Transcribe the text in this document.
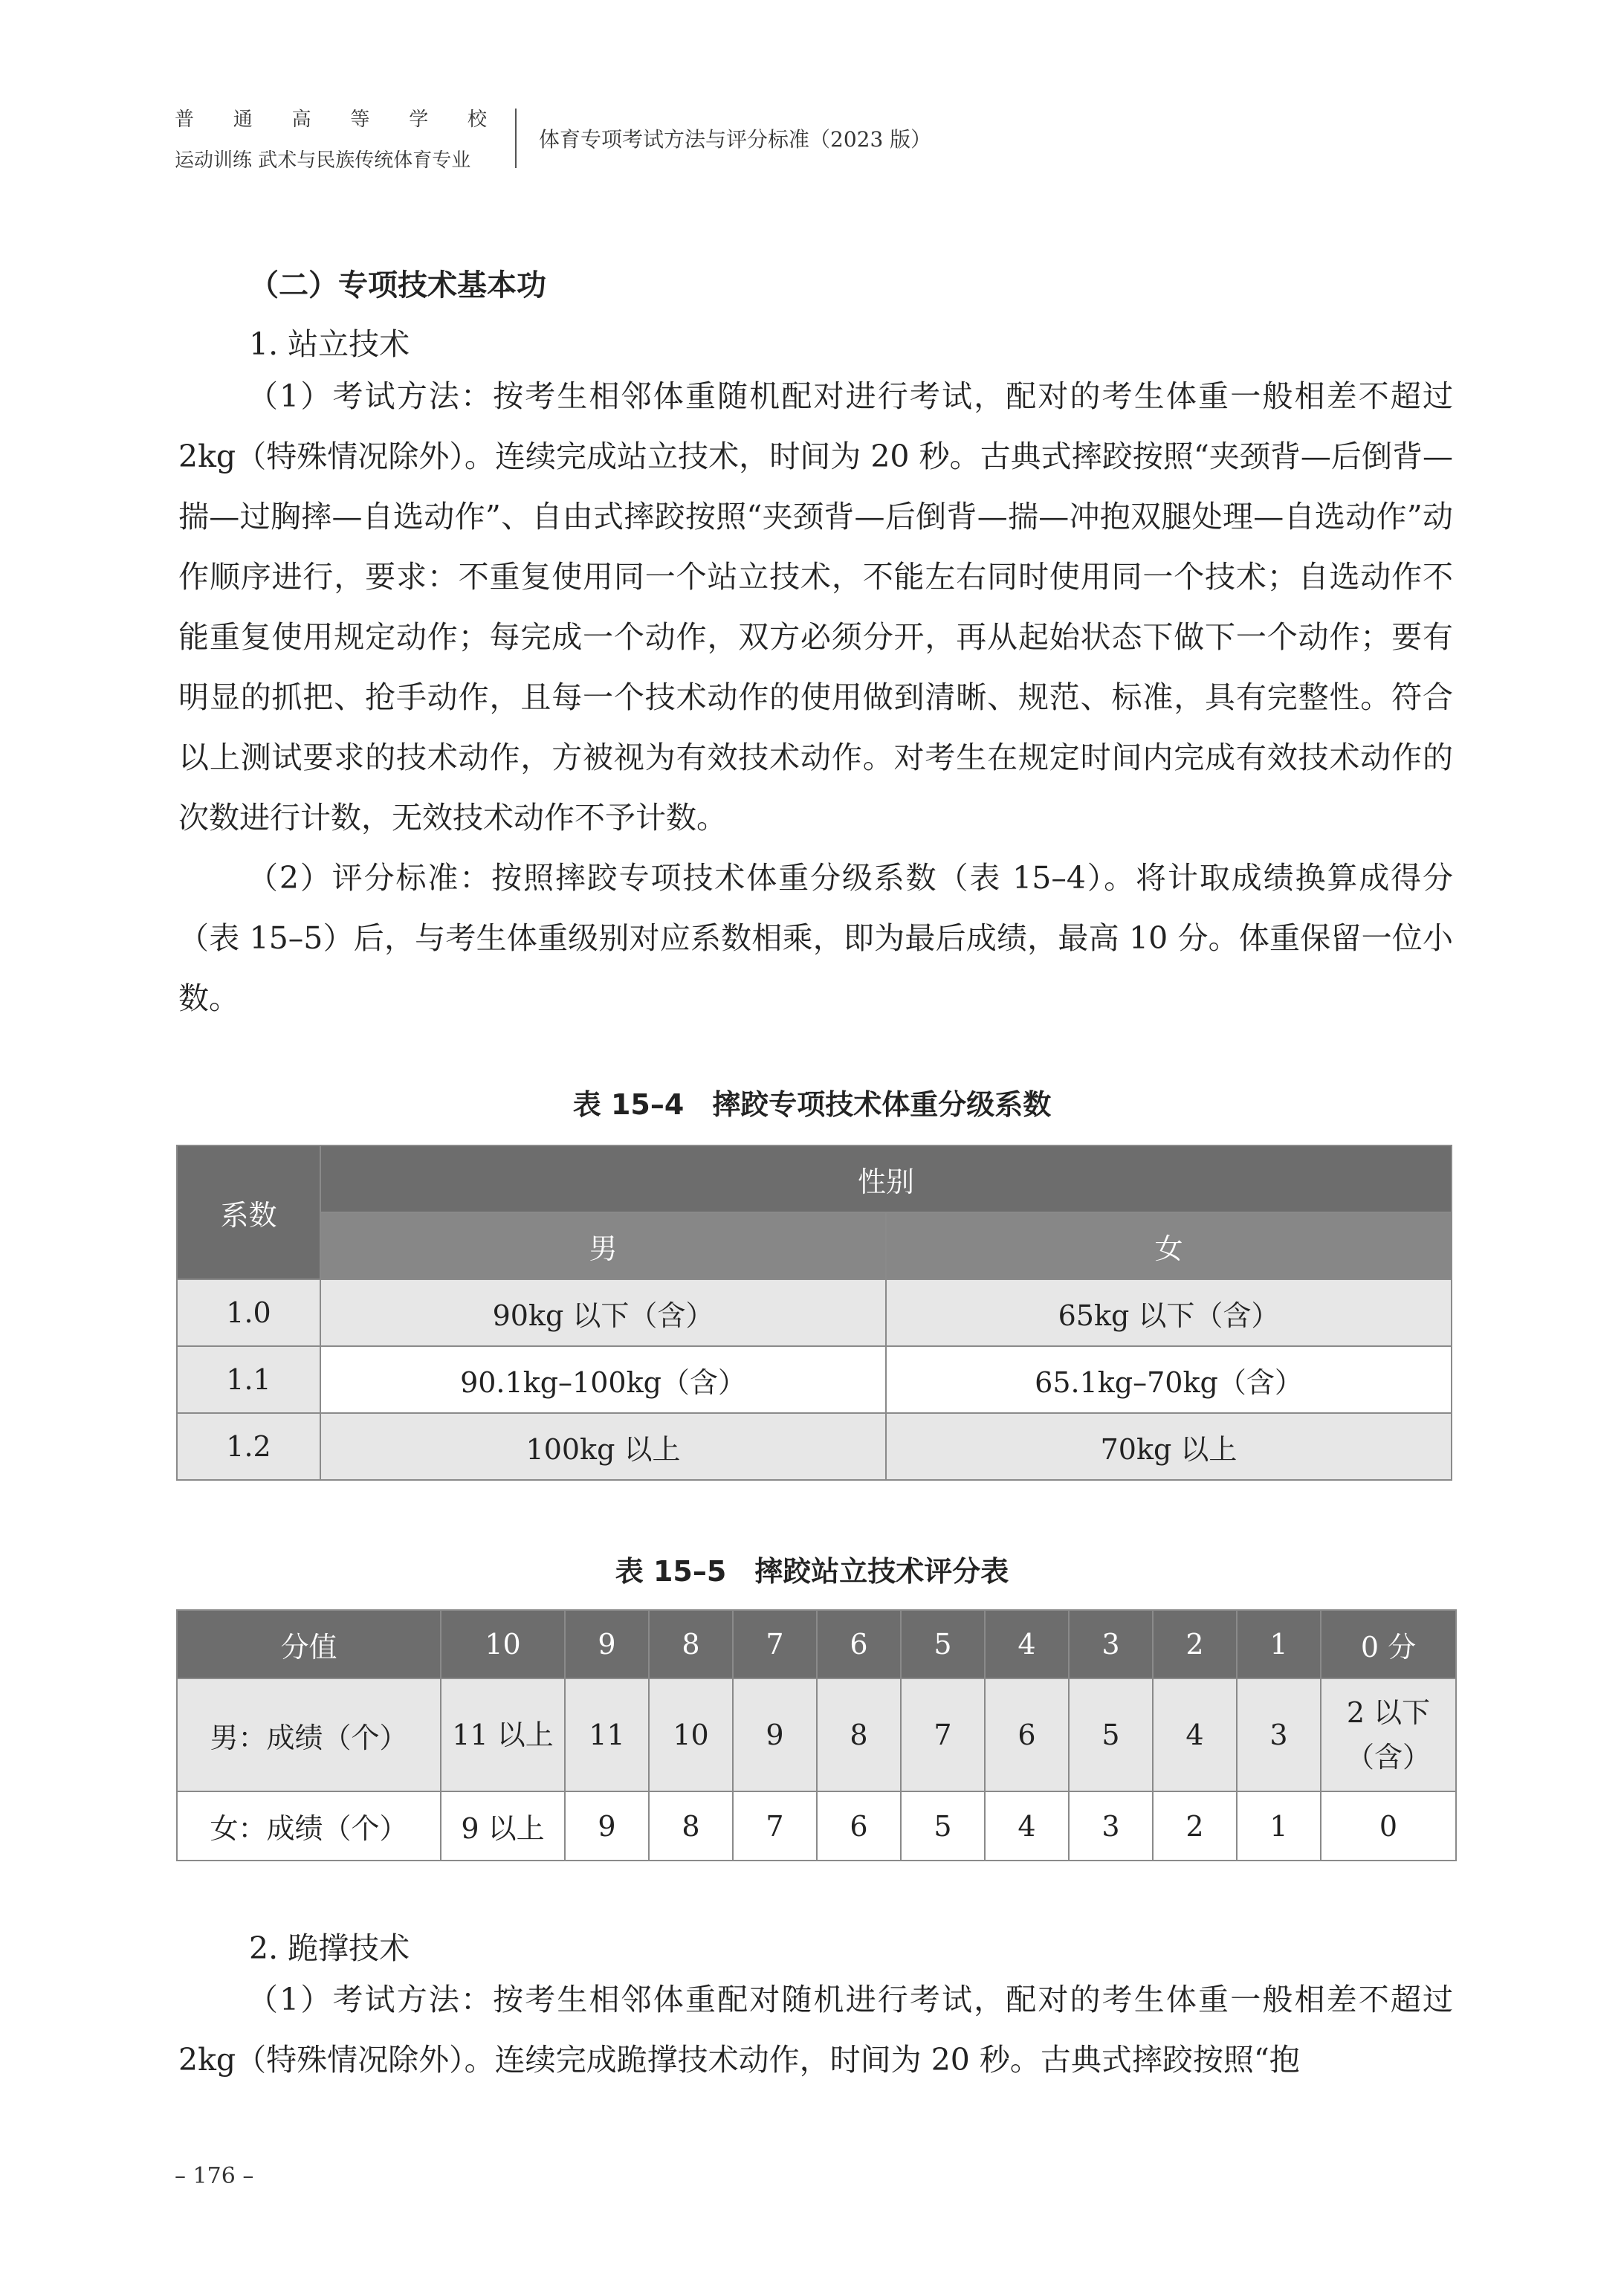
普 通 高 等 学 校
运动训练 武术与民族传统体育专业
体育专项考试方法与评分标准（2023 版）
（二）专项技术基本功
1. 站立技术
（1）考试方法：按考生相邻体重随机配对进行考试，配对的考生体重一般相差不超过 2kg（特殊情况除外）。连续完成站立技术，时间为 20 秒。古典式摔跤按照“夹颈背—后倒背—揣—过胸摔—自选动作”、自由式摔跤按照“夹颈背—后倒背—揣—冲抱双腿处理—自选动作”动作顺序进行，要求：不重复使用同一个站立技术，不能左右同时使用同一个技术；自选动作不能重复使用规定动作；每完成一个动作，双方必须分开，再从起始状态下做下一个动作；要有明显的抓把、抢手动作，且每一个技术动作的使用做到清晰、规范、标准，具有完整性。符合以上测试要求的技术动作，方被视为有效技术动作。对考生在规定时间内完成有效技术动作的次数进行计数，无效技术动作不予计数。
（2）评分标准：按照摔跤专项技术体重分级系数（表 15–4）。将计取成绩换算成得分（表 15–5）后，与考生体重级别对应系数相乘，即为最后成绩，最高 10 分。体重保留一位小数。
表 15–4　摔跤专项技术体重分级系数
系数	性别	
	男	女
1.0	90kg 以下（含）	65kg 以下（含）
1.1	90.1kg–100kg（含）	65.1kg–70kg（含）
1.2	100kg 以上	70kg 以上
表 15–5　摔跤站立技术评分表
分值	10	9	8	7	6	5	4	3	2	1	0 分
男：成绩（个）	11 以上	11	10	9	8	7	6	5	4	3	2 以下（含）
女：成绩（个）	9 以上	9	8	7	6	5	4	3	2	1	0
2. 跪撑技术
（1）考试方法：按考生相邻体重配对随机进行考试，配对的考生体重一般相差不超过 2kg（特殊情况除外）。连续完成跪撑技术动作，时间为 20 秒。古典式摔跤按照“抱
– 176 –
